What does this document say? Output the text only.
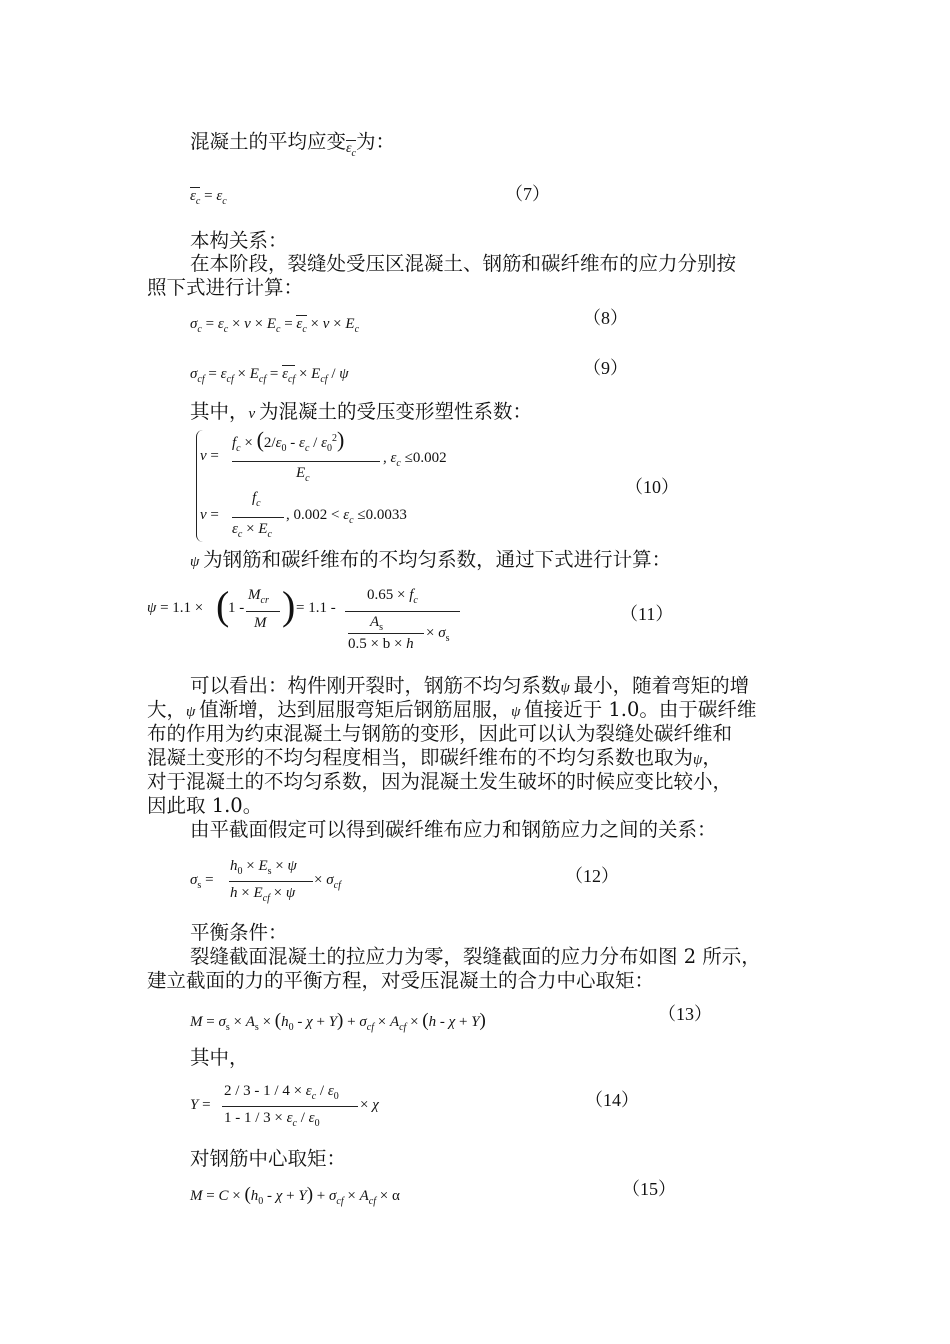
混凝土的平均应变$_{\varepsilon_c}$为：
$\varepsilon_c = \varepsilon_c$	（7）
本构关系：
在本阶段，裂缝处受压区混凝土、钢筋和碳纤维布的应力分别按
照下式进行计算：
$\sigma_c = \varepsilon_c \times \nu \times E_c = \varepsilon_c \times \nu \times E_c$
（8）
$\sigma_{cf} = \varepsilon_{cf} \times E_{cf} = \varepsilon_{cf} \times E_{cf} / \psi$	（9）
其中，ν 为混凝土的受压变形塑性系数：
ν =
$f_c \times (2/\varepsilon_0 - \varepsilon_c / \varepsilon_0^2)$
$E_c$
, $\varepsilon_c \le 0.002$
ν =
$f_c$
$\varepsilon_c \times E_c$
, $0.002 < \varepsilon_c \le 0.0033$
（10）
ψ 为钢筋和碳纤维布的不均匀系数，通过下式进行计算：
ψ = 1.1 × (
1 -
$M_{cr}$
M ) = 1.1 -
$0.65 \times f_c$
$A_s$
0.5 × b × h
× $\sigma_s$
（11）
可以看出：构件刚开裂时，钢筋不均匀系数ψ 最小，随着弯矩的增
大，ψ 值渐增，达到屈服弯矩后钢筋屈服，ψ 值接近于 1.0。由于碳纤维
布的作用为约束混凝土与钢筋的变形，因此可以认为裂缝处碳纤维和
混凝土变形的不均匀程度相当，即碳纤维布的不均匀系数也取为ψ，
对于混凝土的不均匀系数，因为混凝土发生破坏的时候应变比较小，
因此取 1.0。
由平截面假定可以得到碳纤维布应力和钢筋应力之间的关系：
$\sigma_s$ =
$h_0 \times E_s \times \psi$
$h \times E_{cf} \times \psi$
× $\sigma_{cf}$	（12）
平衡条件：
裂缝截面混凝土的拉应力为零，裂缝截面的应力分布如图 2 所示，
建立截面的力的平衡方程，对受压混凝土的合力中心取矩：
$M = \sigma_s \times A_s \times (h_0 - \chi + Y) + \sigma_{cf} \times A_{cf} \times (h - \chi + Y)$	（13）
其中，
Y =
$2 / 3 - 1 / 4 \times \varepsilon_c / \varepsilon_0$
$1 - 1 / 3 \times \varepsilon_c / \varepsilon_0$
× χ	（14）
对钢筋中心取矩：
$M = C \times (h_0 - \chi + Y) + \sigma_{cf} \times A_{cf} \times \alpha$	（15）
